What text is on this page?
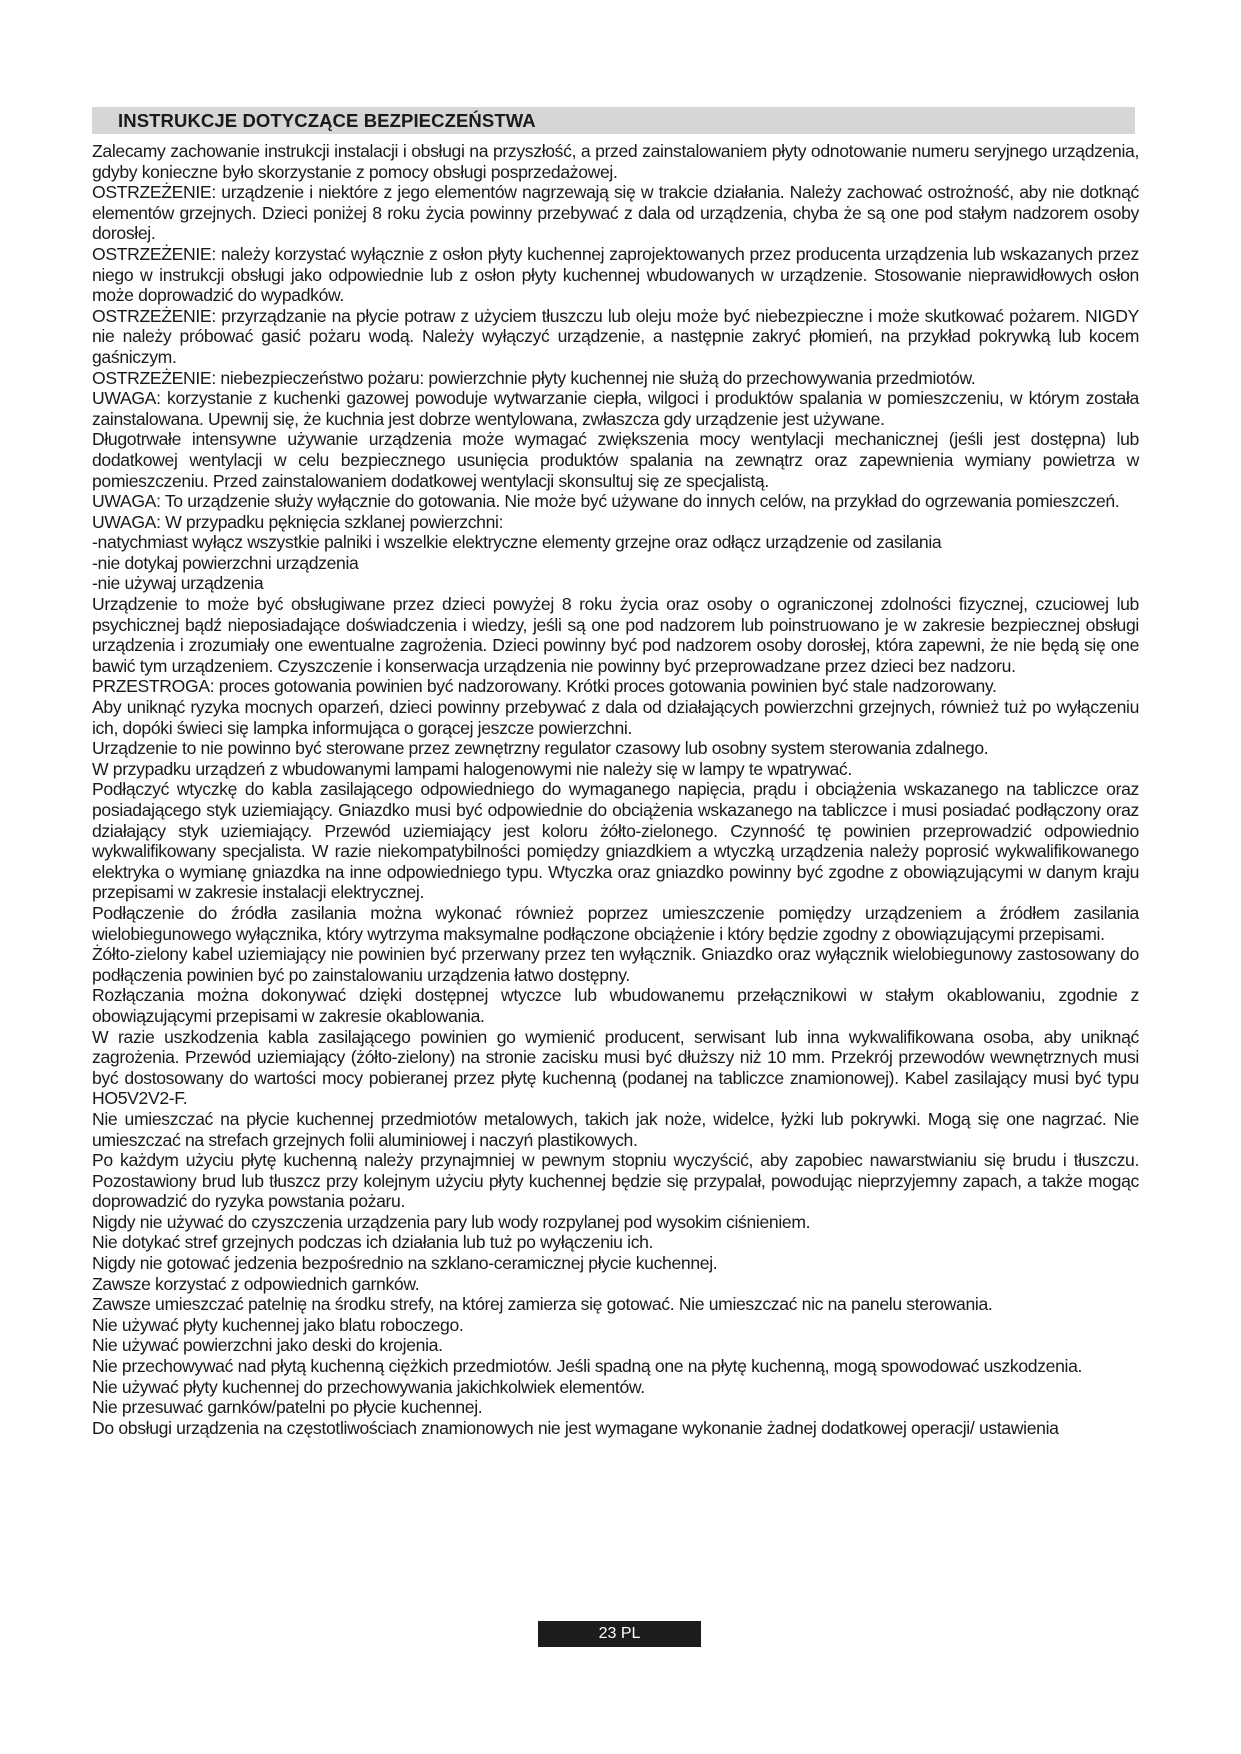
INSTRUKCJE DOTYCZĄCE BEZPIECZEŃSTWA

Zalecamy zachowanie instrukcji instalacji i obsługi na przyszłość, a przed zainstalowaniem płyty odnotowanie numeru seryjnego urządzenia, gdyby konieczne było skorzystanie z pomocy obsługi posprzedażowej.

OSTRZEŻENIE: urządzenie i niektóre z jego elementów nagrzewają się w trakcie działania. Należy zachować ostrożność, aby nie dotknąć elementów grzejnych. Dzieci poniżej 8 roku życia powinny przebywać z dala od urządzenia, chyba że są one pod stałym nadzorem osoby dorosłej.

OSTRZEŻENIE: należy korzystać wyłącznie z osłon płyty kuchennej zaprojektowanych przez producenta urządzenia lub wskazanych przez niego w instrukcji obsługi jako odpowiednie lub z osłon płyty kuchennej wbudowanych w urządzenie. Stosowanie nieprawidłowych osłon może doprowadzić do wypadków.

OSTRZEŻENIE: przyrządzanie na płycie potraw z użyciem tłuszczu lub oleju może być niebezpieczne i może skutkować pożarem. NIGDY nie należy próbować gasić pożaru wodą. Należy wyłączyć urządzenie, a następnie zakryć płomień, na przykład pokrywką lub kocem gaśniczym.

OSTRZEŻENIE: niebezpieczeństwo pożaru: powierzchnie płyty kuchennej nie służą do przechowywania przedmiotów.

UWAGA: korzystanie z kuchenki gazowej powoduje wytwarzanie ciepła, wilgoci i produktów spalania w pomieszczeniu, w którym została zainstalowana. Upewnij się, że kuchnia jest dobrze wentylowana, zwłaszcza gdy urządzenie jest używane.

Długotrwałe intensywne używanie urządzenia może wymagać zwiększenia mocy wentylacji mechanicznej (jeśli jest dostępna) lub dodatkowej wentylacji w celu bezpiecznego usunięcia produktów spalania na zewnątrz oraz zapewnienia wymiany powietrza w pomieszczeniu. Przed zainstalowaniem dodatkowej wentylacji skonsultuj się ze specjalistą.

UWAGA: To urządzenie służy wyłącznie do gotowania. Nie może być używane do innych celów, na przykład do ogrzewania pomieszczeń.

UWAGA: W przypadku pęknięcia szklanej powierzchni:

-natychmiast wyłącz wszystkie palniki i wszelkie elektryczne elementy grzejne oraz odłącz urządzenie od zasilania

-nie dotykaj powierzchni urządzenia

-nie używaj urządzenia

Urządzenie to może być obsługiwane przez dzieci powyżej 8 roku życia oraz osoby o ograniczonej zdolności fizycznej, czuciowej lub psychicznej bądź nieposiadające doświadczenia i wiedzy, jeśli są one pod nadzorem lub poinstruowano je w zakresie bezpiecznej obsługi urządzenia i zrozumiały one ewentualne zagrożenia. Dzieci powinny być pod nadzorem osoby dorosłej, która zapewni, że nie będą się one bawić tym urządzeniem. Czyszczenie i konserwacja urządzenia nie powinny być przeprowadzane przez dzieci bez nadzoru.

PRZESTROGA: proces gotowania powinien być nadzorowany. Krótki proces gotowania powinien być stale nadzorowany.

Aby uniknąć ryzyka mocnych oparzeń, dzieci powinny przebywać z dala od działających powierzchni grzejnych, również tuż po wyłączeniu ich, dopóki świeci się lampka informująca o gorącej jeszcze powierzchni.

Urządzenie to nie powinno być sterowane przez zewnętrzny regulator czasowy lub osobny system sterowania zdalnego.

W przypadku urządzeń z wbudowanymi lampami halogenowymi nie należy się w lampy te wpatrywać.

Podłączyć wtyczkę do kabla zasilającego odpowiedniego do wymaganego napięcia, prądu i obciążenia wskazanego na tabliczce oraz posiadającego styk uziemiający. Gniazdko musi być odpowiednie do obciążenia wskazanego na tabliczce i musi posiadać podłączony oraz działający styk uziemiający. Przewód uziemiający jest koloru żółto-zielonego. Czynność tę powinien przeprowadzić odpowiednio wykwalifikowany specjalista. W razie niekompatybilności pomiędzy gniazdkiem a wtyczką urządzenia należy poprosić wykwalifikowanego elektryka o wymianę gniazdka na inne odpowiedniego typu. Wtyczka oraz gniazdko powinny być zgodne z obowiązującymi w danym kraju przepisami w zakresie instalacji elektrycznej.

Podłączenie do źródła zasilania można wykonać również poprzez umieszczenie pomiędzy urządzeniem a źródłem zasilania wielobiegunowego wyłącznika, który wytrzyma maksymalne podłączone obciążenie i który będzie zgodny z obowiązującymi przepisami.

Żółto-zielony kabel uziemiający nie powinien być przerwany przez ten wyłącznik. Gniazdko oraz wyłącznik wielobiegunowy zastosowany do podłączenia powinien być po zainstalowaniu urządzenia łatwo dostępny.

Rozłączania można dokonywać dzięki dostępnej wtyczce lub wbudowanemu przełącznikowi w stałym okablowaniu, zgodnie z obowiązującymi przepisami w zakresie okablowania.

W razie uszkodzenia kabla zasilającego powinien go wymienić producent, serwisant lub inna wykwalifikowana osoba, aby uniknąć zagrożenia. Przewód uziemiający (żółto-zielony) na stronie zacisku musi być dłuższy niż 10 mm. Przekrój przewodów wewnętrznych musi być dostosowany do wartości mocy pobieranej przez płytę kuchenną (podanej na tabliczce znamionowej). Kabel zasilający musi być typu HO5V2V2-F.

Nie umieszczać na płycie kuchennej przedmiotów metalowych, takich jak noże, widelce, łyżki lub pokrywki. Mogą się one nagrzać. Nie umieszczać na strefach grzejnych folii aluminiowej i naczyń plastikowych.

Po każdym użyciu płytę kuchenną należy przynajmniej w pewnym stopniu wyczyścić, aby zapobiec nawarstwianiu się brudu i tłuszczu. Pozostawiony brud lub tłuszcz przy kolejnym użyciu płyty kuchennej będzie się przypalał, powodując nieprzyjemny zapach, a także mogąc doprowadzić do ryzyka powstania pożaru.

Nigdy nie używać do czyszczenia urządzenia pary lub wody rozpylanej pod wysokim ciśnieniem.

Nie dotykać stref grzejnych podczas ich działania lub tuż po wyłączeniu ich.

Nigdy nie gotować jedzenia bezpośrednio na szklano-ceramicznej płycie kuchennej.

Zawsze korzystać z odpowiednich garnków.

Zawsze umieszczać patelnię na środku strefy, na której zamierza się gotować. Nie umieszczać nic na panelu sterowania.

Nie używać płyty kuchennej jako blatu roboczego.

Nie używać powierzchni jako deski do krojenia.

Nie przechowywać nad płytą kuchenną ciężkich przedmiotów. Jeśli spadną one na płytę kuchenną, mogą spowodować uszkodzenia.

Nie używać płyty kuchennej do przechowywania jakichkolwiek elementów.

Nie przesuwać garnków/patelni po płycie kuchennej.

Do obsługi urządzenia na częstotliwościach znamionowych nie jest wymagane wykonanie żadnej dodatkowej operacji/ ustawienia

23 PL
